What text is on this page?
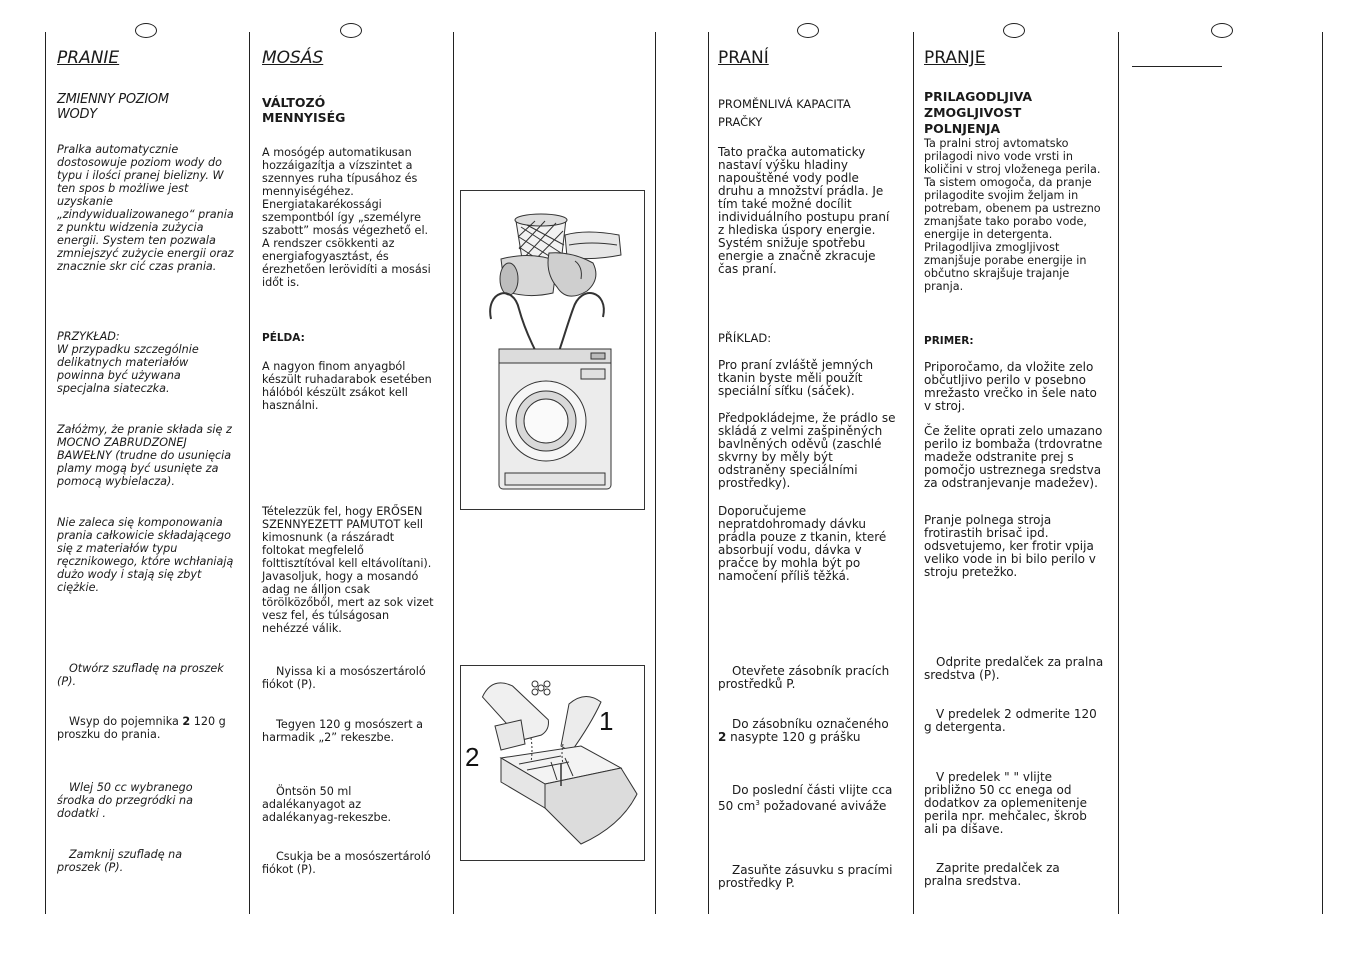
PRANIE
ZMIENNY POZIOM WODY

Pralka automatycznie dostosowuje poziom wody do typu i ilości pranej bielizny. W ten spos b możliwe jest uzyskanie „zindywidualizowanego“ prania z punktu widzenia zużycia energii. System ten pozwala zmniejszyć zużycie energii oraz znacznie skr cić czas prania.

PRZYKŁAD:

W przypadku szczególnie delikatnych materiałów powinna być używana specjalna siateczka.

Załóżmy, że pranie składa się z MOCNO ZABRUDZONEJ BAWEŁNY (trudne do usunięcia plamy mogą być usunięte za pomocą wybielacza).

Nie zaleca się komponowania prania całkowicie składającego się z materiałów typu ręcznikowego, które wchłaniają dużo wody i stają się zbyt ciężkie.

Otwórz szufladę na proszek (P).

Wsyp do pojemnika 2 120 g proszku do prania.

Wlej 50 cc wybranego środka do przegródki na dodatki .

Zamknij szufladę na proszek (P).

MOSÁS
VÁLTOZÓ MENNYISÉG

A mosógép automatikusan hozzáigazítja a vízszintet a szennyes ruha típusához és mennyiségéhez. Energiatakarékossági szempontból így „személyre szabott” mosás végezhető el. A rendszer csökkenti az energiafogyasztást, és érezhetően lerövidíti a mosási időt is.

PÉLDA:

A nagyon finom anyagból készült ruhadarabok esetében hálóból készült zsákot kell használni.

Tételezzük fel, hogy ERŐSEN SZENNYEZETT PAMUTOT kell kimosnunk (a rászáradt foltokat megfelelő folttisztítóval kell eltávolítani). Javasoljuk, hogy a mosandó adag ne álljon csak törölközőből, mert az sok vizet vesz fel, és túlságosan nehézzé válik.

Nyissa ki a mosószertároló fiókot (P).

Tegyen 120 g mosószert a harmadik „2” rekeszbe.

Öntsön 50 ml adalékanyagot az adalékanyag-rekeszbe.

Csukja be a mosószertároló fiókot (P).

2
1
PRANÍ
PROMĚNLIVÁ KAPACITA PRAČKY

Tato pračka automaticky nastaví výšku hladiny napouštěné vody podle druhu a množství prádla. Je tím také možné docílit individuálního postupu praní z hlediska úspory energie. Systém snižuje spotřebu energie a značně zkracuje čas praní.

PŘÍKLAD:

Pro praní zvláště jemných tkanin byste měli použít speciální síťku (sáček).

Předpokládejme, že prádlo se skládá z velmi zašpiněných bavlněných oděvů (zaschlé skvrny by měly být odstraněny speciálními prostředky).

Doporučujeme nepratdohromady dávku prádla pouze z tkanin, které absorbují vodu, dávka v pračce by mohla být po namočení příliš těžká.

Otevřete zásobník pracích prostředků P.

Do zásobníku označeného 2 nasypte 120 g prášku

Do poslední části vlijte cca 50 $cm^3$ požadované aviváže

Zasuňte zásuvku s pracími prostředky P.

PRANJE
PRILAGODLJIVA ZMOGLJIVOST POLNJENJA

Ta pralni stroj avtomatsko prilagodi nivo vode vrsti in količini v stroj vloženega perila. Ta sistem omogoča, da pranje prilagodite svojim željam in potrebam, obenem pa ustrezno zmanjšate tako porabo vode, energije in detergenta. Prilagodljiva zmogljivost zmanjšuje porabe energije in občutno skrajšuje trajanje pranja.

PRIMER:

Priporočamo, da vložite zelo občutljivo perilo v posebno mrežasto vrečko in šele nato v stroj.

Če želite oprati zelo umazano perilo iz bombaža (trdovratne madeže odstranite prej s pomočjo ustreznega sredstva za odstranjevanje madežev).

Pranje polnega stroja frotirastih brisač ipd. odsvetujemo, ker frotir vpija veliko vode in bi bilo perilo v stroju pretežko.

Odprite predalček za pralna sredstva (P).

V predelek 2 odmerite 120 g detergenta.

V predelek " " vlijte približno 50 cc enega od dodatkov za oplemenitenje perila npr. mehčalec, škrob ali pa dišave.

Zaprite predalček za pralna sredstva.
